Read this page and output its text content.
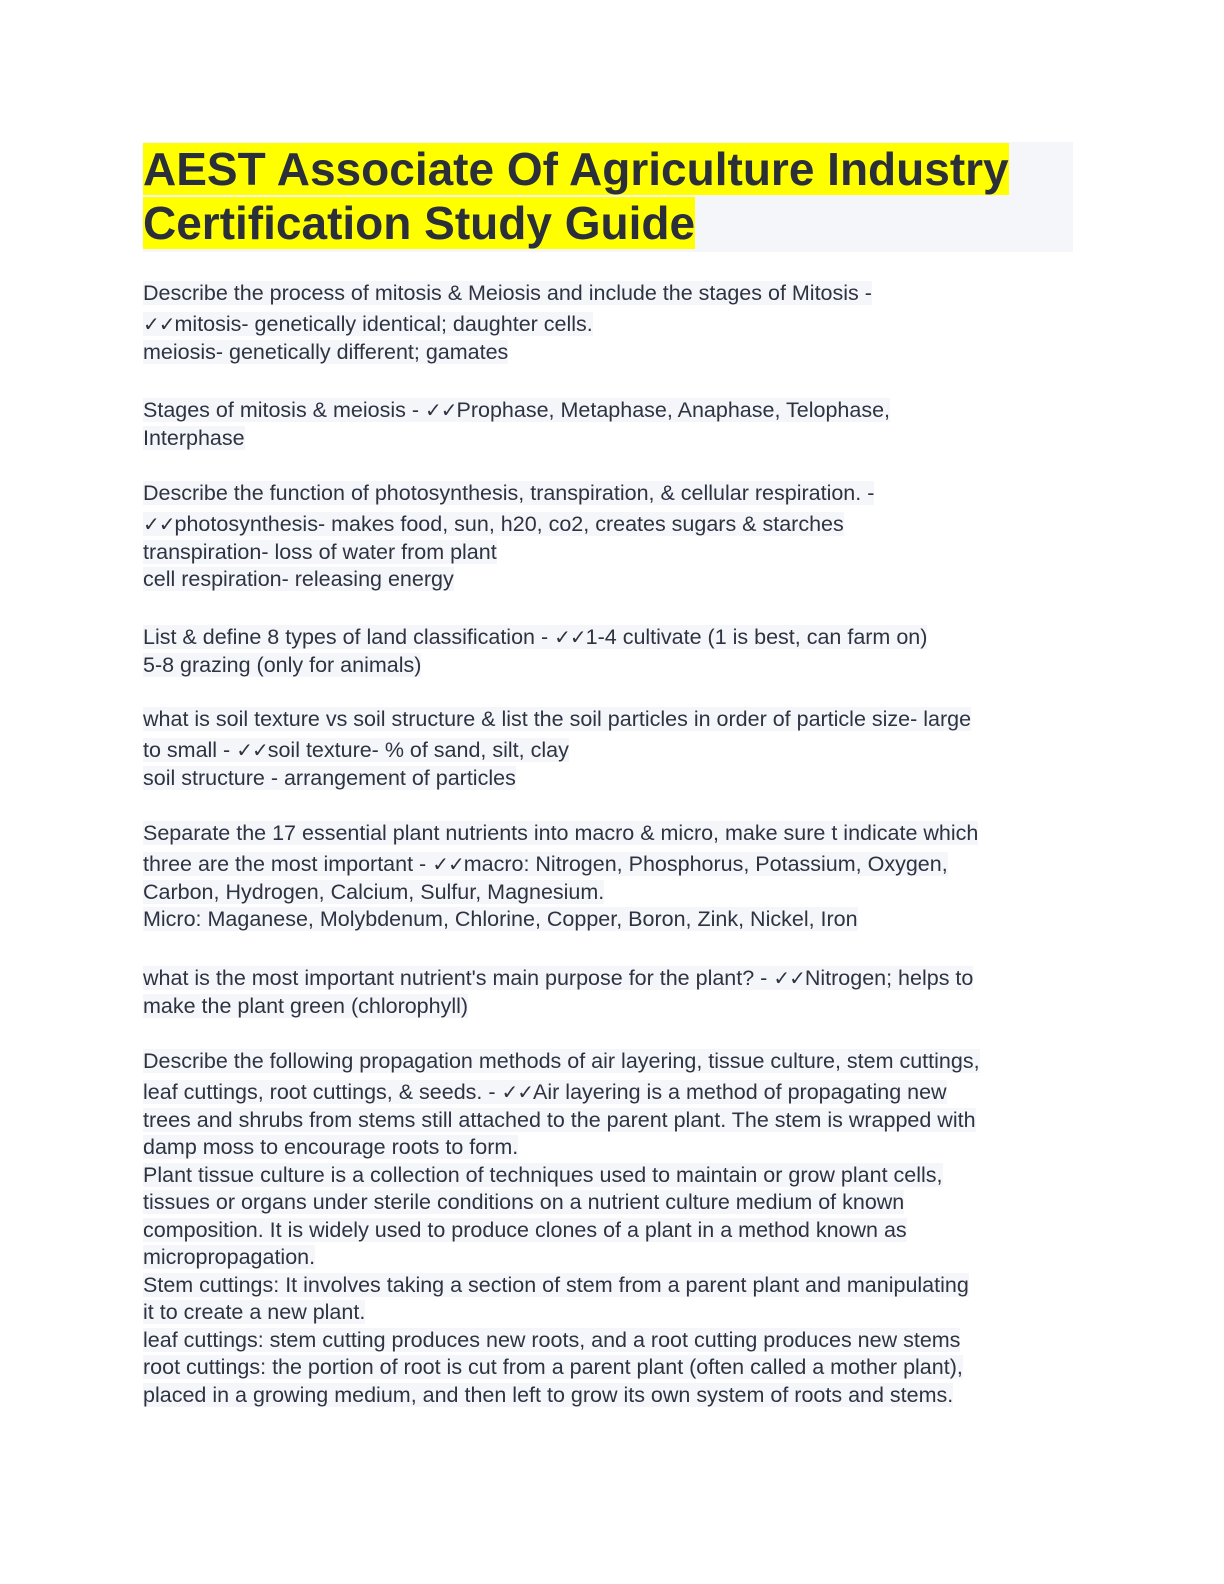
AEST Associate Of Agriculture Industry
Certification Study Guide
Describe the process of mitosis & Meiosis and include the stages of Mitosis -
✓✓mitosis- genetically identical; daughter cells.
meiosis- genetically different; gamates
Stages of mitosis & meiosis - ✓✓Prophase, Metaphase, Anaphase, Telophase,
Interphase
Describe the function of photosynthesis, transpiration, & cellular respiration. -
✓✓photosynthesis- makes food, sun, h20, co2, creates sugars & starches
transpiration- loss of water from plant
cell respiration- releasing energy
List & define 8 types of land classification - ✓✓1-4 cultivate (1 is best, can farm on)
5-8 grazing (only for animals)
what is soil texture vs soil structure & list the soil particles in order of particle size- large
to small - ✓✓soil texture- % of sand, silt, clay
soil structure - arrangement of particles
Separate the 17 essential plant nutrients into macro & micro, make sure t indicate which
three are the most important - ✓✓macro: Nitrogen, Phosphorus, Potassium, Oxygen,
Carbon, Hydrogen, Calcium, Sulfur, Magnesium.
Micro: Maganese, Molybdenum, Chlorine, Copper, Boron, Zink, Nickel, Iron
what is the most important nutrient's main purpose for the plant? - ✓✓Nitrogen; helps to
make the plant green (chlorophyll)
Describe the following propagation methods of air layering, tissue culture, stem cuttings,
leaf cuttings, root cuttings, & seeds. - ✓✓Air layering is a method of propagating new
trees and shrubs from stems still attached to the parent plant. The stem is wrapped with
damp moss to encourage roots to form.
Plant tissue culture is a collection of techniques used to maintain or grow plant cells,
tissues or organs under sterile conditions on a nutrient culture medium of known
composition. It is widely used to produce clones of a plant in a method known as
micropropagation.
Stem cuttings: It involves taking a section of stem from a parent plant and manipulating
it to create a new plant.
leaf cuttings: stem cutting produces new roots, and a root cutting produces new stems
root cuttings: the portion of root is cut from a parent plant (often called a mother plant),
placed in a growing medium, and then left to grow its own system of roots and stems.
